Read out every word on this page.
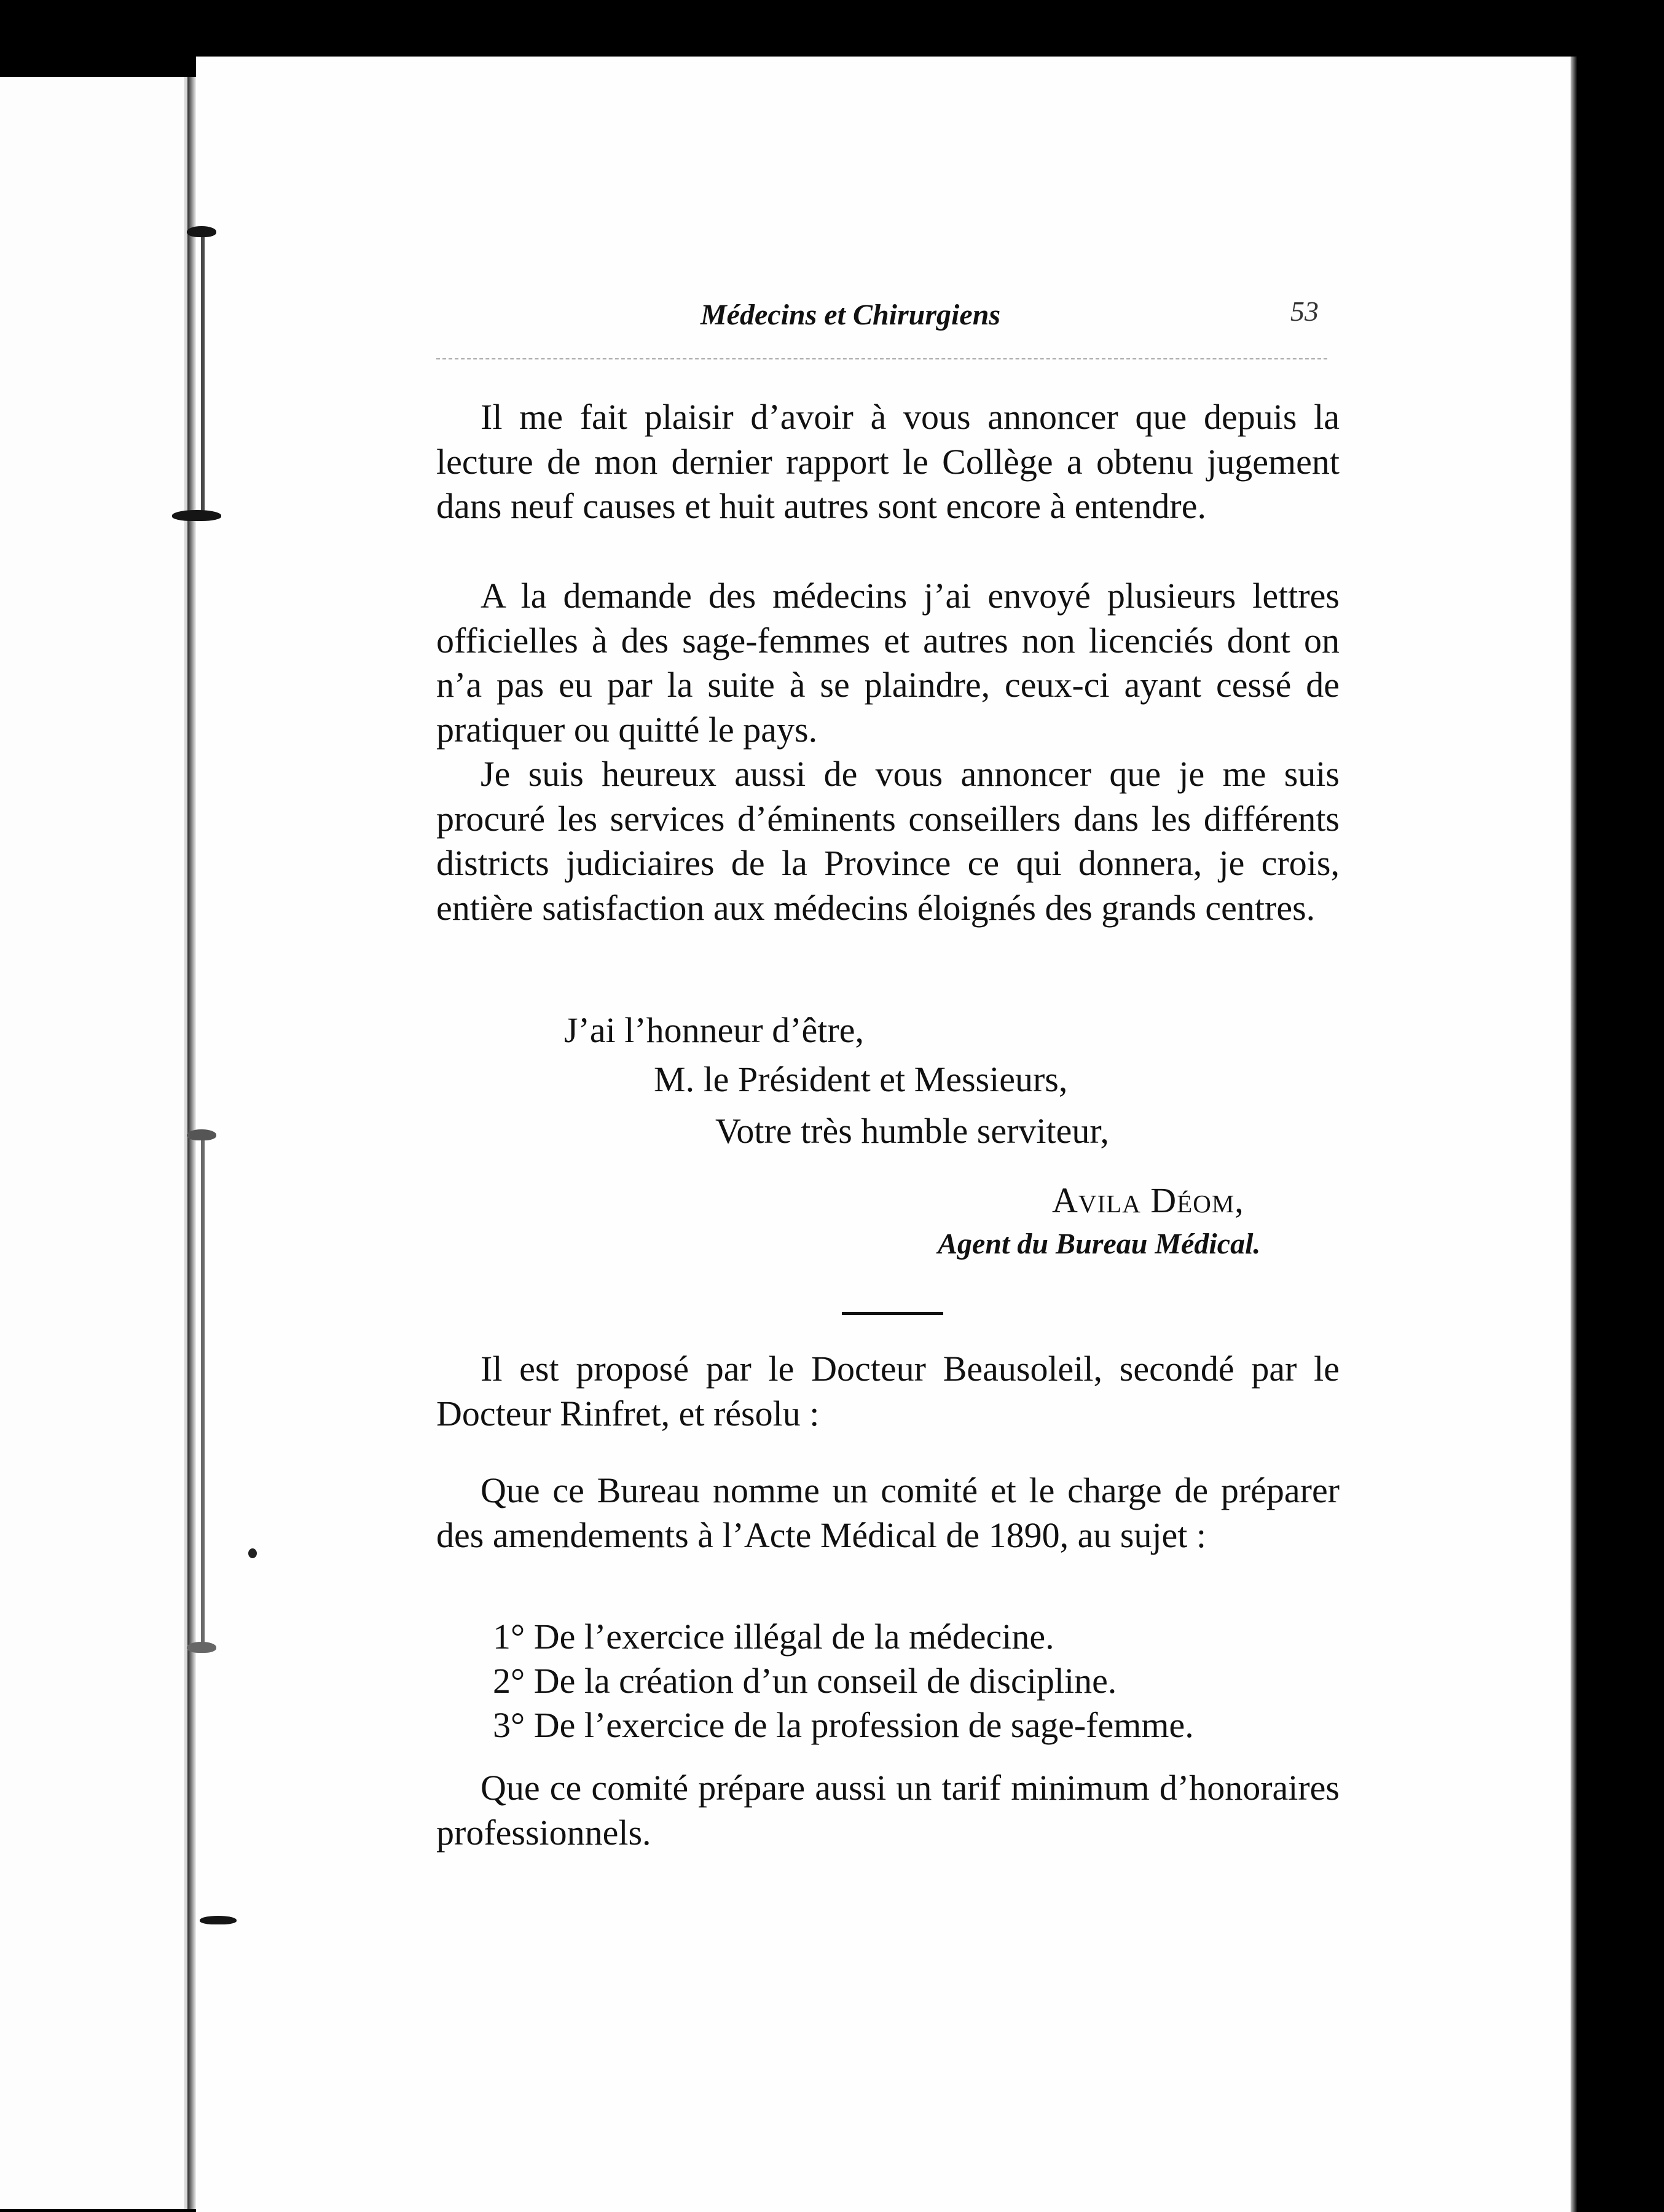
Médecins et Chirurgiens	53

Il me fait plaisir d’avoir à vous annoncer que depuis la lecture de mon dernier rapport le Collège a obtenu jugement dans neuf causes et huit autres sont encore à entendre.

A la demande des médecins j’ai envoyé plusieurs lettres officielles à des sage-femmes et autres non licenciés dont on n’a pas eu par la suite à se plaindre, ceux-ci ayant cessé de pratiquer ou quitté le pays.

Je suis heureux aussi de vous annoncer que je me suis procuré les services d’éminents conseillers dans les différents districts judiciaires de la Province ce qui donnera, je crois, entière satisfaction aux médecins éloignés des grands centres.

J’ai l’honneur d’être,
M. le Président et Messieurs,
Votre très humble serviteur,
Avila Déom,
Agent du Bureau Médical.

Il est proposé par le Docteur Beausoleil, secondé par le Docteur Rinfret, et résolu :

Que ce Bureau nomme un comité et le charge de préparer des amendements à l’Acte Médical de 1890, au sujet :

1° De l’exercice illégal de la médecine.
2° De la création d’un conseil de discipline.
3° De l’exercice de la profession de sage-femme.

Que ce comité prépare aussi un tarif minimum d’honoraires professionnels.
